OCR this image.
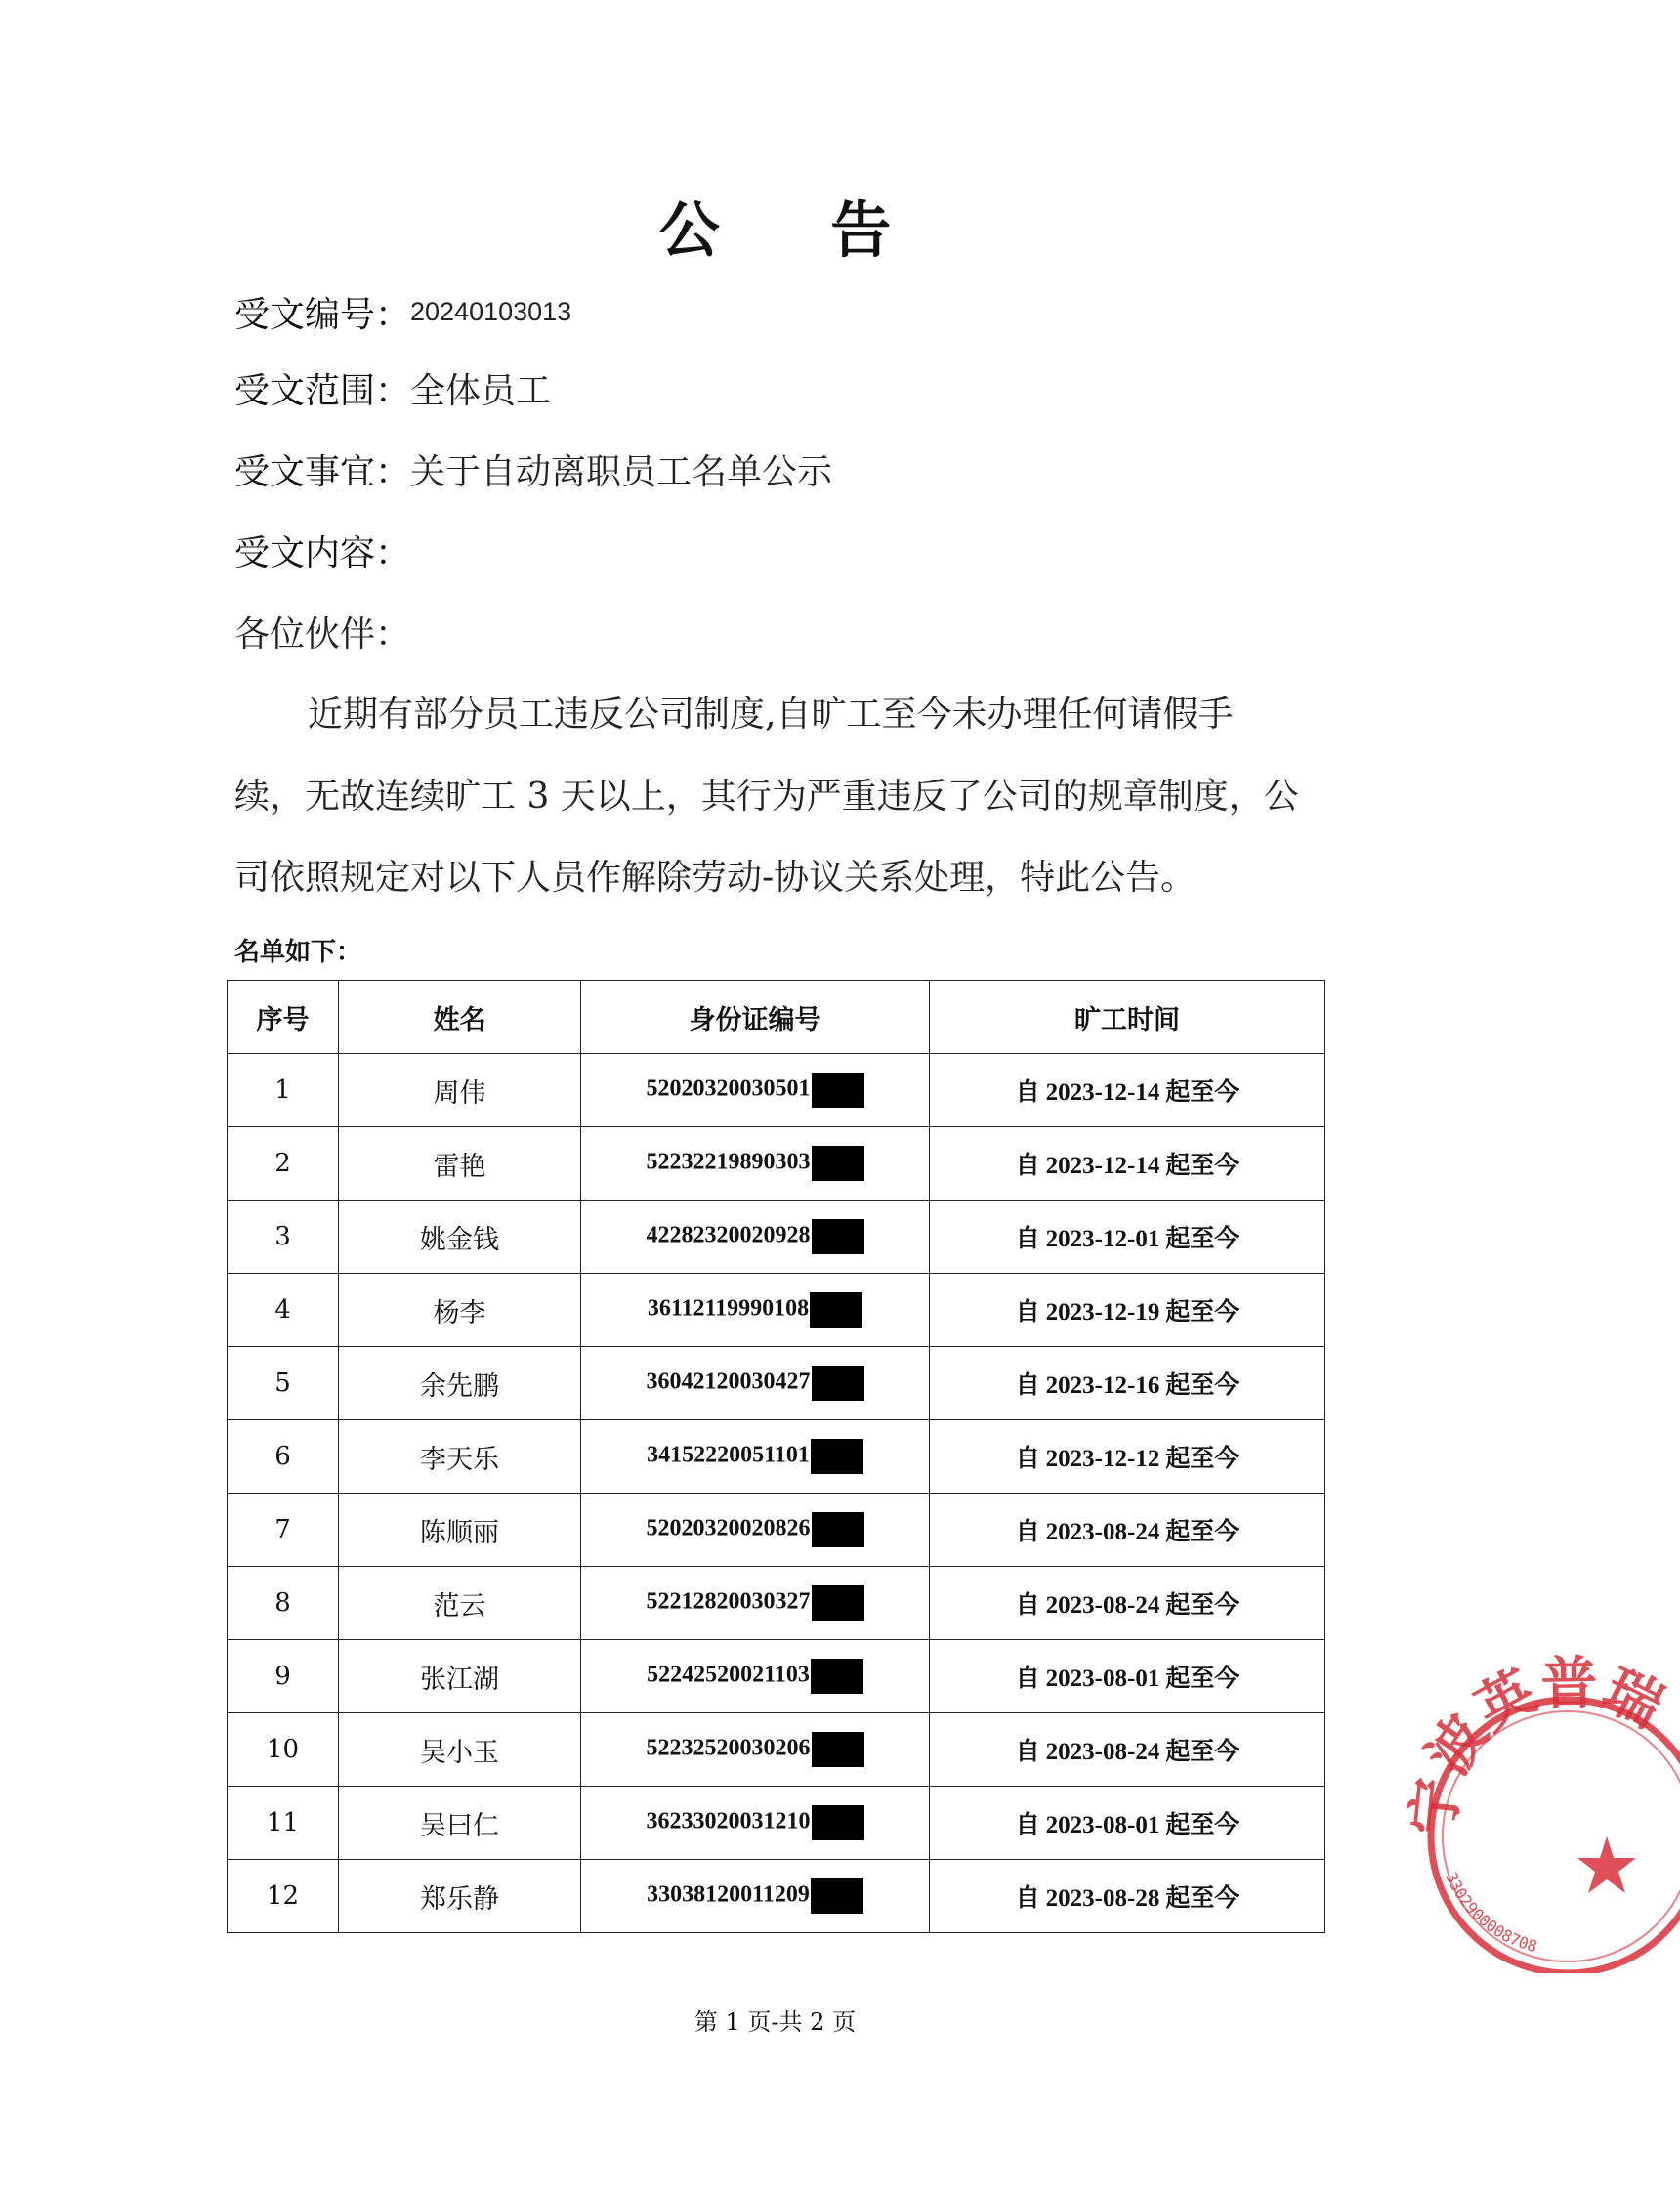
公 告
受文编号：20240103013
受文范围：全体员工
受文事宜：关于自动离职员工名单公示
受文内容：
各位伙伴：
近期有部分员工违反公司制度,自旷工至今未办理任何请假手
续，无故连续旷工 3 天以上，其行为严重违反了公司的规章制度，公
司依照规定对以下人员作解除劳动-协议关系处理，特此公告。
名单如下：
序号	姓名	身份证编号	旷工时间
1	周伟	52020320030501	自 2023-12-14 起至今
2	雷艳	52232219890303	自 2023-12-14 起至今
3	姚金钱	42282320020928	自 2023-12-01 起至今
4	杨李	36112119990108	自 2023-12-19 起至今
5	余先鹏	36042120030427	自 2023-12-16 起至今
6	李天乐	34152220051101	自 2023-12-12 起至今
7	陈顺丽	52020320020826	自 2023-08-24 起至今
8	范云	52212820030327	自 2023-08-24 起至今
9	张江湖	52242520021103	自 2023-08-01 起至今
10	吴小玉	52232520030206	自 2023-08-24 起至今
11	吴曰仁	36233020031210	自 2023-08-01 起至今
12	郑乐静	33038120011209	自 2023-08-28 起至今
宁波英普瑞
3302900008708
第 1 页-共 2 页
